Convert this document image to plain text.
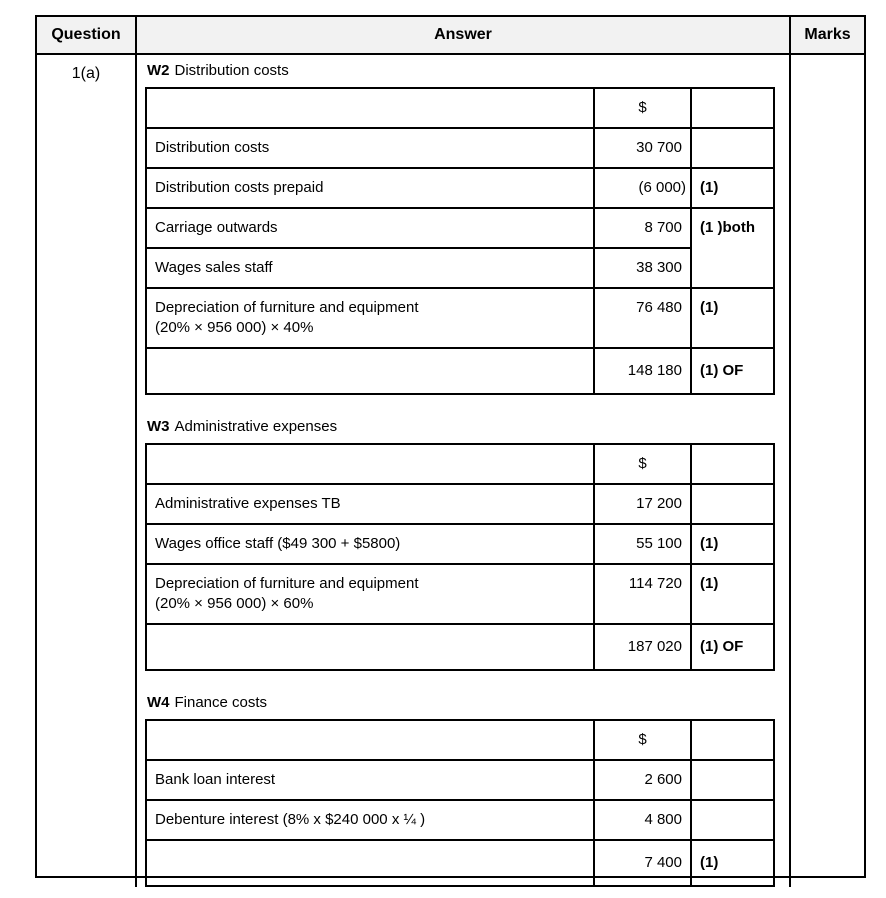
Question	Answer	Marks
1(a)	W2 Distribution costs
	$	
Distribution costs	30 700	
Distribution costs prepaid	(6 000)	(1)
Carriage outwards	8 700	(1 )both
Wages sales staff	38 300	
Depreciation of furniture and equipment
(20% × 956 000) × 40%	76 480	(1)
	148 180	(1) OF
W3 Administrative expenses
	$	
Administrative expenses TB	17 200	
Wages office staff ($49 300 + $5800)	55 100	(1)
Depreciation of furniture and equipment
(20% × 956 000) × 60%	114 720	(1)
	187 020	(1) OF
W4 Finance costs
	$	
Bank loan interest	2 600	
Debenture interest (8% x $240 000 x ¼ )	4 800	
	7 400	(1)
